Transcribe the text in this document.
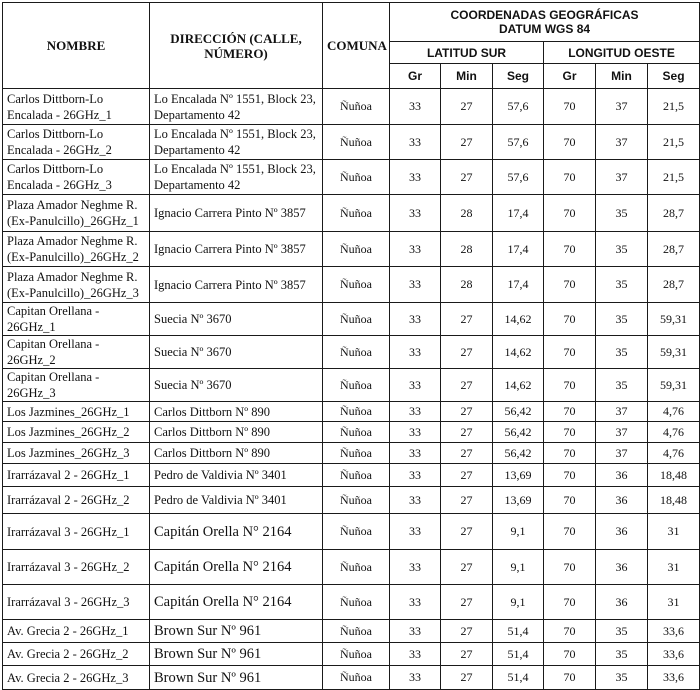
NOMBRE	DIRECCIÓN (CALLE, NÚMERO)	COMUNA	COORDENADAS GEOGRÁFICAS
DATUM WGS 84					

			LATITUD SUR			LONGITUD OESTE		
			Gr	Min	Seg	Gr	Min	Seg
Carlos Dittborn-Lo Encalada - 26GHz_1	Lo Encalada Nº 1551, Block 23, Departamento 42	Ñuñoa	33	27	57,6	70	37	21,5
Carlos Dittborn-Lo Encalada - 26GHz_2	Lo Encalada Nº 1551, Block 23, Departamento 42	Ñuñoa	33	27	57,6	70	37	21,5
Carlos Dittborn-Lo Encalada - 26GHz_3	Lo Encalada Nº 1551, Block 23, Departamento 42	Ñuñoa	33	27	57,6	70	37	21,5
Plaza Amador Neghme R. (Ex-Panulcillo)_26GHz_1	Ignacio Carrera Pinto Nº 3857	Ñuñoa	33	28	17,4	70	35	28,7
Plaza Amador Neghme R. (Ex-Panulcillo)_26GHz_2	Ignacio Carrera Pinto Nº 3857	Ñuñoa	33	28	17,4	70	35	28,7
Plaza Amador Neghme R. (Ex-Panulcillo)_26GHz_3	Ignacio Carrera Pinto Nº 3857	Ñuñoa	33	28	17,4	70	35	28,7
Capitan Orellana - 26GHz_1	Suecia Nº 3670	Ñuñoa	33	27	14,62	70	35	59,31
Capitan Orellana - 26GHz_2	Suecia Nº 3670	Ñuñoa	33	27	14,62	70	35	59,31
Capitan Orellana - 26GHz_3	Suecia Nº 3670	Ñuñoa	33	27	14,62	70	35	59,31
Los Jazmines_26GHz_1	Carlos Dittborn Nº 890	Ñuñoa	33	27	56,42	70	37	4,76
Los Jazmines_26GHz_2	Carlos Dittborn Nº 890	Ñuñoa	33	27	56,42	70	37	4,76
Los Jazmines_26GHz_3	Carlos Dittborn Nº 890	Ñuñoa	33	27	56,42	70	37	4,76
Irarrázaval 2 - 26GHz_1	Pedro de Valdivia Nº 3401	Ñuñoa	33	27	13,69	70	36	18,48
Irarrázaval 2 - 26GHz_2	Pedro de Valdivia Nº 3401	Ñuñoa	33	27	13,69	70	36	18,48
Irarrázaval 3 - 26GHz_1	Capitán Orella N° 2164	Ñuñoa	33	27	9,1	70	36	31
Irarrázaval 3 - 26GHz_2	Capitán Orella N° 2164	Ñuñoa	33	27	9,1	70	36	31
Irarrázaval 3 - 26GHz_3	Capitán Orella N° 2164	Ñuñoa	33	27	9,1	70	36	31
Av. Grecia 2 - 26GHz_1	Brown Sur Nº 961	Ñuñoa	33	27	51,4	70	35	33,6
Av. Grecia 2 - 26GHz_2	Brown Sur Nº 961	Ñuñoa	33	27	51,4	70	35	33,6
Av. Grecia 2 - 26GHz_3	Brown Sur Nº 961	Ñuñoa	33	27	51,4	70	35	33,6
